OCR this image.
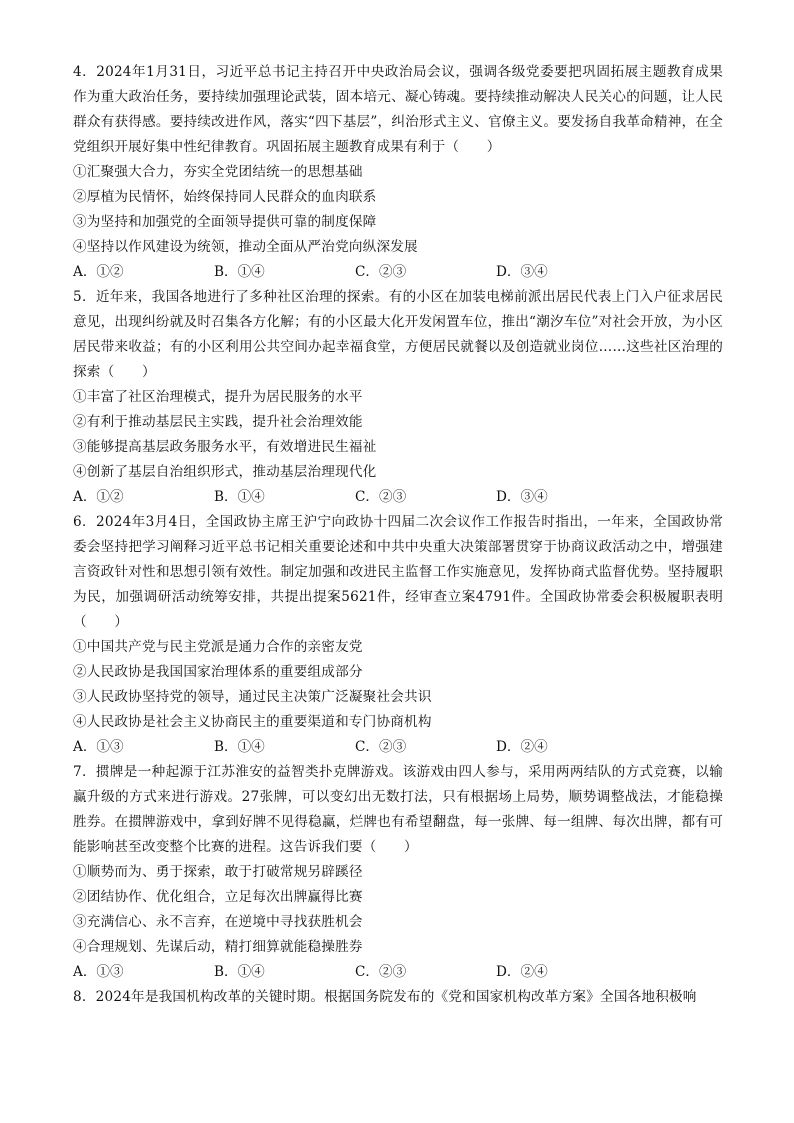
4．2024年1月31日，习近平总书记主持召开中央政治局会议，强调各级党委要把巩固拓展主题教育成果作为重大政治任务，要持续加强理论武装，固本培元、凝心铸魂。要持续推动解决人民关心的问题，让人民群众有获得感。要持续改进作风，落实“四下基层”，纠治形式主义、官僚主义。要发扬自我革命精神，在全党组织开展好集中性纪律教育。巩固拓展主题教育成果有利于（　　）

①汇聚强大合力，夯实全党团结统一的思想基础

②厚植为民情怀，始终保持同人民群众的血肉联系

③为坚持和加强党的全面领导提供可靠的制度保障

④坚持以作风建设为统领，推动全面从严治党向纵深发展

A．①②	B．①④	C．②③	D．③④

5．近年来，我国各地进行了多种社区治理的探索。有的小区在加装电梯前派出居民代表上门入户征求居民意见，出现纠纷就及时召集各方化解；有的小区最大化开发闲置车位，推出“潮汐车位”对社会开放，为小区居民带来收益；有的小区利用公共空间办起幸福食堂，方便居民就餐以及创造就业岗位……这些社区治理的探索（　　）

①丰富了社区治理模式，提升为居民服务的水平

②有利于推动基层民主实践，提升社会治理效能

③能够提高基层政务服务水平，有效增进民生福祉

④创新了基层自治组织形式，推动基层治理现代化

A．①②	B．①④	C．②③	D．③④

6．2024年3月4日，全国政协主席王沪宁向政协十四届二次会议作工作报告时指出，一年来，全国政协常委会坚持把学习阐释习近平总书记相关重要论述和中共中央重大决策部署贯穿于协商议政活动之中，增强建言资政针对性和思想引领有效性。制定加强和改进民主监督工作实施意见，发挥协商式监督优势。坚持履职为民，加强调研活动统筹安排，共提出提案5621件，经审查立案4791件。全国政协常委会积极履职表明（　　）

①中国共产党与民主党派是通力合作的亲密友党

②人民政协是我国国家治理体系的重要组成部分

③人民政协坚持党的领导，通过民主决策广泛凝聚社会共识

④人民政协是社会主义协商民主的重要渠道和专门协商机构

A．①③	B．①④	C．②③	D．②④

7．掼牌是一种起源于江苏淮安的益智类扑克牌游戏。该游戏由四人参与，采用两两结队的方式竞赛，以输赢升级的方式来进行游戏。27张牌，可以变幻出无数打法，只有根据场上局势，顺势调整战法，才能稳操胜券。在掼牌游戏中，拿到好牌不见得稳赢，烂牌也有希望翻盘，每一张牌、每一组牌、每次出牌，都有可能影响甚至改变整个比赛的进程。这告诉我们要（　　）

①顺势而为、勇于探索，敢于打破常规另辟蹊径

②团结协作、优化组合，立足每次出牌赢得比赛

③充满信心、永不言弃，在逆境中寻找获胜机会

④合理规划、先谋后动，精打细算就能稳操胜券

A．①③	B．①④	C．②③	D．②④

8．2024年是我国机构改革的关键时期。根据国务院发布的《党和国家机构改革方案》全国各地积极响
